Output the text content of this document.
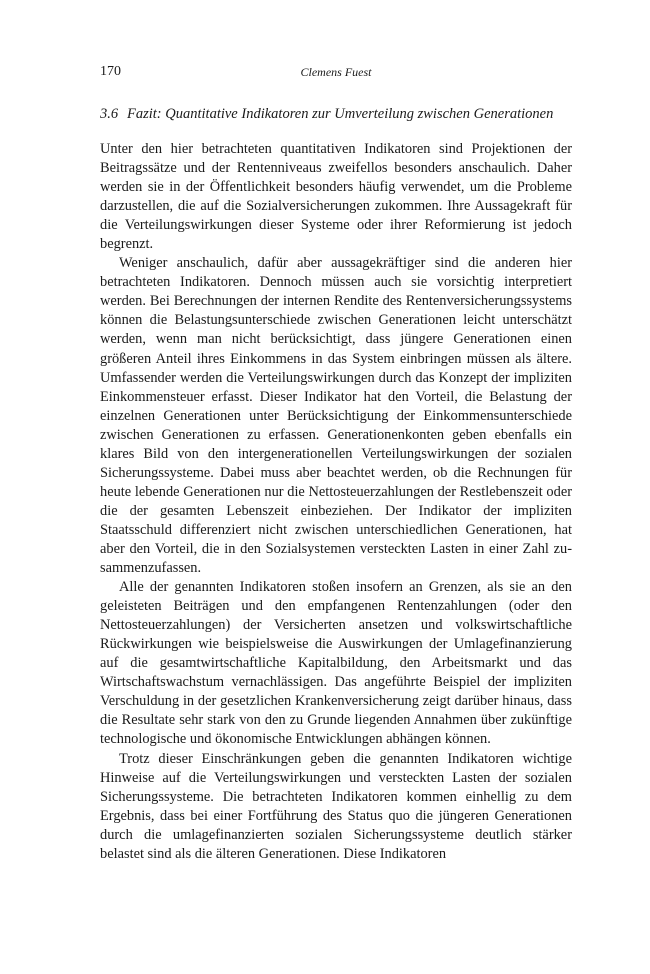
170	Clemens Fuest
3.6 Fazit: Quantitative Indikatoren zur Umverteilung zwischen Generationen

Unter den hier betrachteten quantitativen Indikatoren sind Projektionen der Beitragssätze und der Rentenniveaus zweifellos besonders anschaulich. Daher werden sie in der Öffentlichkeit besonders häufig verwendet, um die Probleme darzustellen, die auf die Sozialversicherungen zukommen. Ihre Aussagekraft für die Verteilungswirkungen dieser Systeme oder ihrer Reformierung ist jedoch begrenzt.

Weniger anschaulich, dafür aber aussagekräftiger sind die anderen hier betrachteten Indikatoren. Dennoch müssen auch sie vorsichtig interpretiert werden. Bei Berechnungen der internen Rendite des Rentenversicherungssystems können die Belastungsunterschiede zwischen Generationen leicht unterschätzt werden, wenn man nicht berücksichtigt, dass jüngere Generationen einen größeren Anteil ihres Einkommens in das System einbringen müssen als ältere. Umfassender werden die Verteilungswirkungen durch das Konzept der impliziten Einkommensteuer erfasst. Dieser Indikator hat den Vorteil, die Belastung der einzelnen Generationen unter Berücksichtigung der Einkommensunterschiede zwischen Generationen zu erfassen. Generationenkonten geben ebenfalls ein klares Bild von den intergenerationellen Verteilungswirkungen der sozialen Sicherungssysteme. Dabei muss aber beachtet werden, ob die Rechnungen für heute lebende Generationen nur die Nettosteuerzahlungen der Restlebenszeit oder die der gesamten Lebenszeit einbeziehen. Der Indikator der impliziten Staatsschuld differenziert nicht zwischen unterschiedlichen Generationen, hat aber den Vorteil, die in den Sozialsystemen versteckten Lasten in einer Zahl zusammenzufassen.

Alle der genannten Indikatoren stoßen insofern an Grenzen, als sie an den geleisteten Beiträgen und den empfangenen Rentenzahlungen (oder den Nettosteuerzahlungen) der Versicherten ansetzen und volkswirtschaftliche Rückwirkungen wie beispielsweise die Auswirkungen der Umlagefinanzierung auf die gesamtwirtschaftliche Kapitalbildung, den Arbeitsmarkt und das Wirtschaftswachstum vernachlässigen. Das angeführte Beispiel der impliziten Verschuldung in der gesetzlichen Krankenversicherung zeigt darüber hinaus, dass die Resultate sehr stark von den zu Grunde liegenden Annahmen über zukünftige technologische und ökonomische Entwicklungen abhängen können.

Trotz dieser Einschränkungen geben die genannten Indikatoren wichtige Hinweise auf die Verteilungswirkungen und versteckten Lasten der sozialen Sicherungssysteme. Die betrachteten Indikatoren kommen einhellig zu dem Ergebnis, dass bei einer Fortführung des Status quo die jüngeren Generationen durch die umlagefinanzierten sozialen Sicherungssysteme deutlich stärker belastet sind als die älteren Generationen. Diese Indikatoren
